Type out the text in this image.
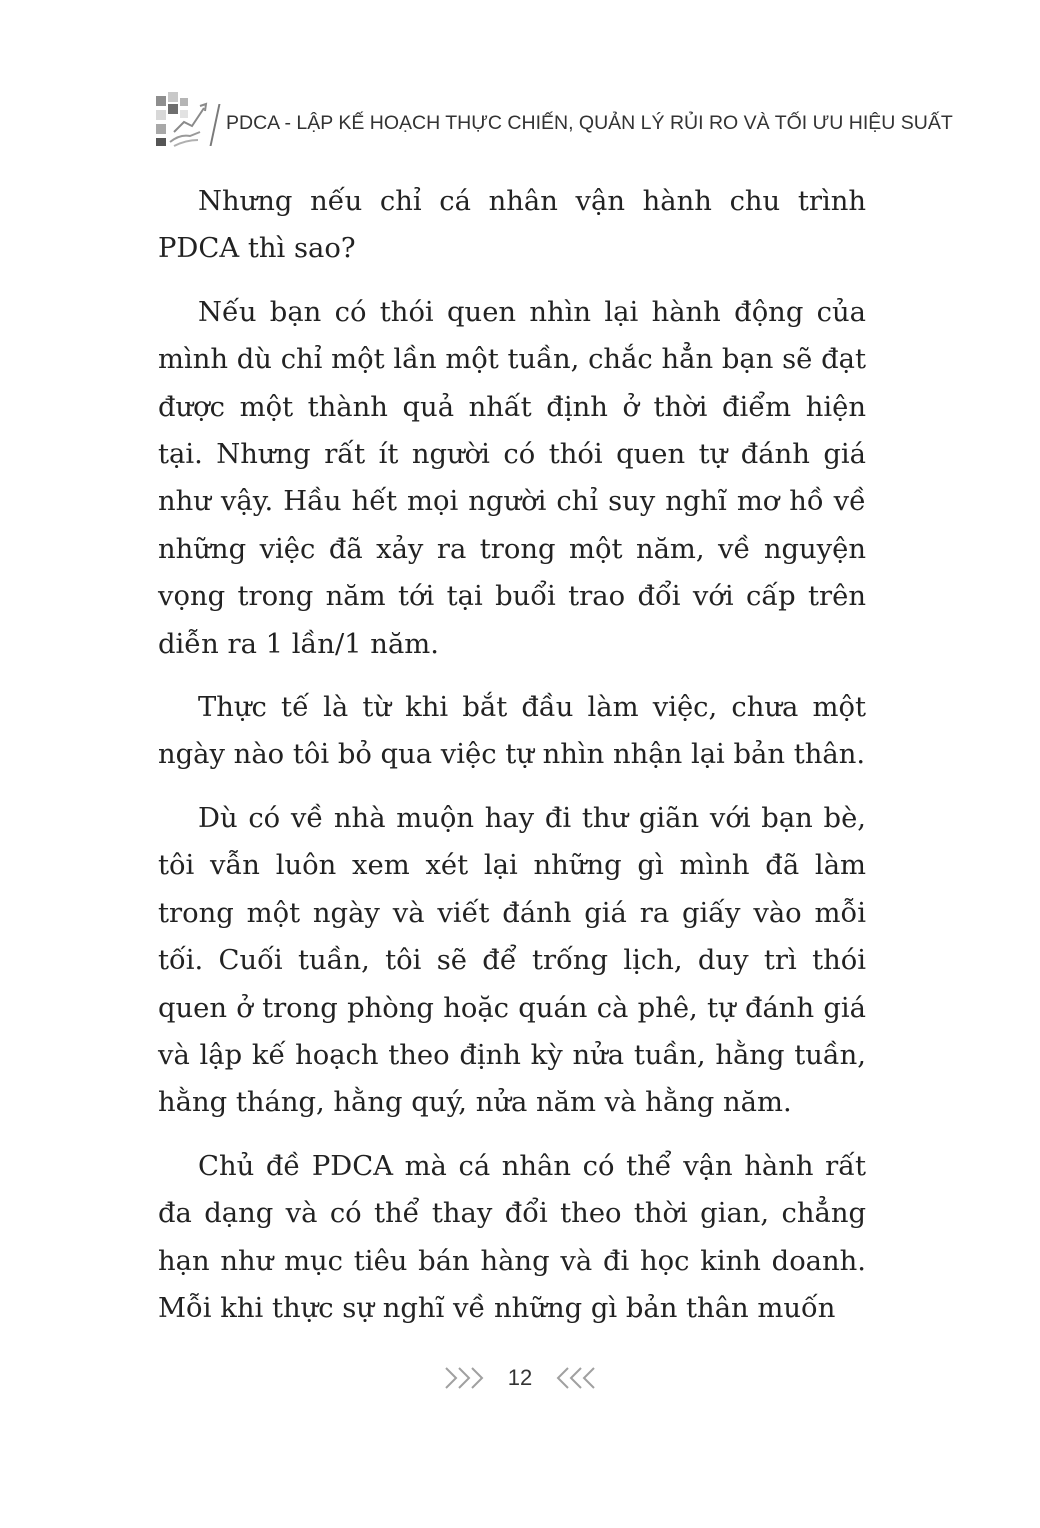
PDCA - LẬP KẾ HOẠCH THỰC CHIẾN, QUẢN LÝ RỦI RO VÀ TỐI ƯU HIỆU SUẤT

Nhưng nếu chỉ cá nhân vận hành chu trình PDCA thì sao?

Nếu bạn có thói quen nhìn lại hành động của mình dù chỉ một lần một tuần, chắc hẳn bạn sẽ đạt được một thành quả nhất định ở thời điểm hiện tại. Nhưng rất ít người có thói quen tự đánh giá như vậy. Hầu hết mọi người chỉ suy nghĩ mơ hồ về những việc đã xảy ra trong một năm, về nguyện vọng trong năm tới tại buổi trao đổi với cấp trên diễn ra 1 lần/1 năm.

Thực tế là từ khi bắt đầu làm việc, chưa một ngày nào tôi bỏ qua việc tự nhìn nhận lại bản thân.

Dù có về nhà muộn hay đi thư giãn với bạn bè, tôi vẫn luôn xem xét lại những gì mình đã làm trong một ngày và viết đánh giá ra giấy vào mỗi tối. Cuối tuần, tôi sẽ để trống lịch, duy trì thói quen ở trong phòng hoặc quán cà phê, tự đánh giá và lập kế hoạch theo định kỳ nửa tuần, hằng tuần, hằng tháng, hằng quý, nửa năm và hằng năm.

Chủ đề PDCA mà cá nhân có thể vận hành rất đa dạng và có thể thay đổi theo thời gian, chẳng hạn như mục tiêu bán hàng và đi học kinh doanh. Mỗi khi thực sự nghĩ về những gì bản thân muốn

12
